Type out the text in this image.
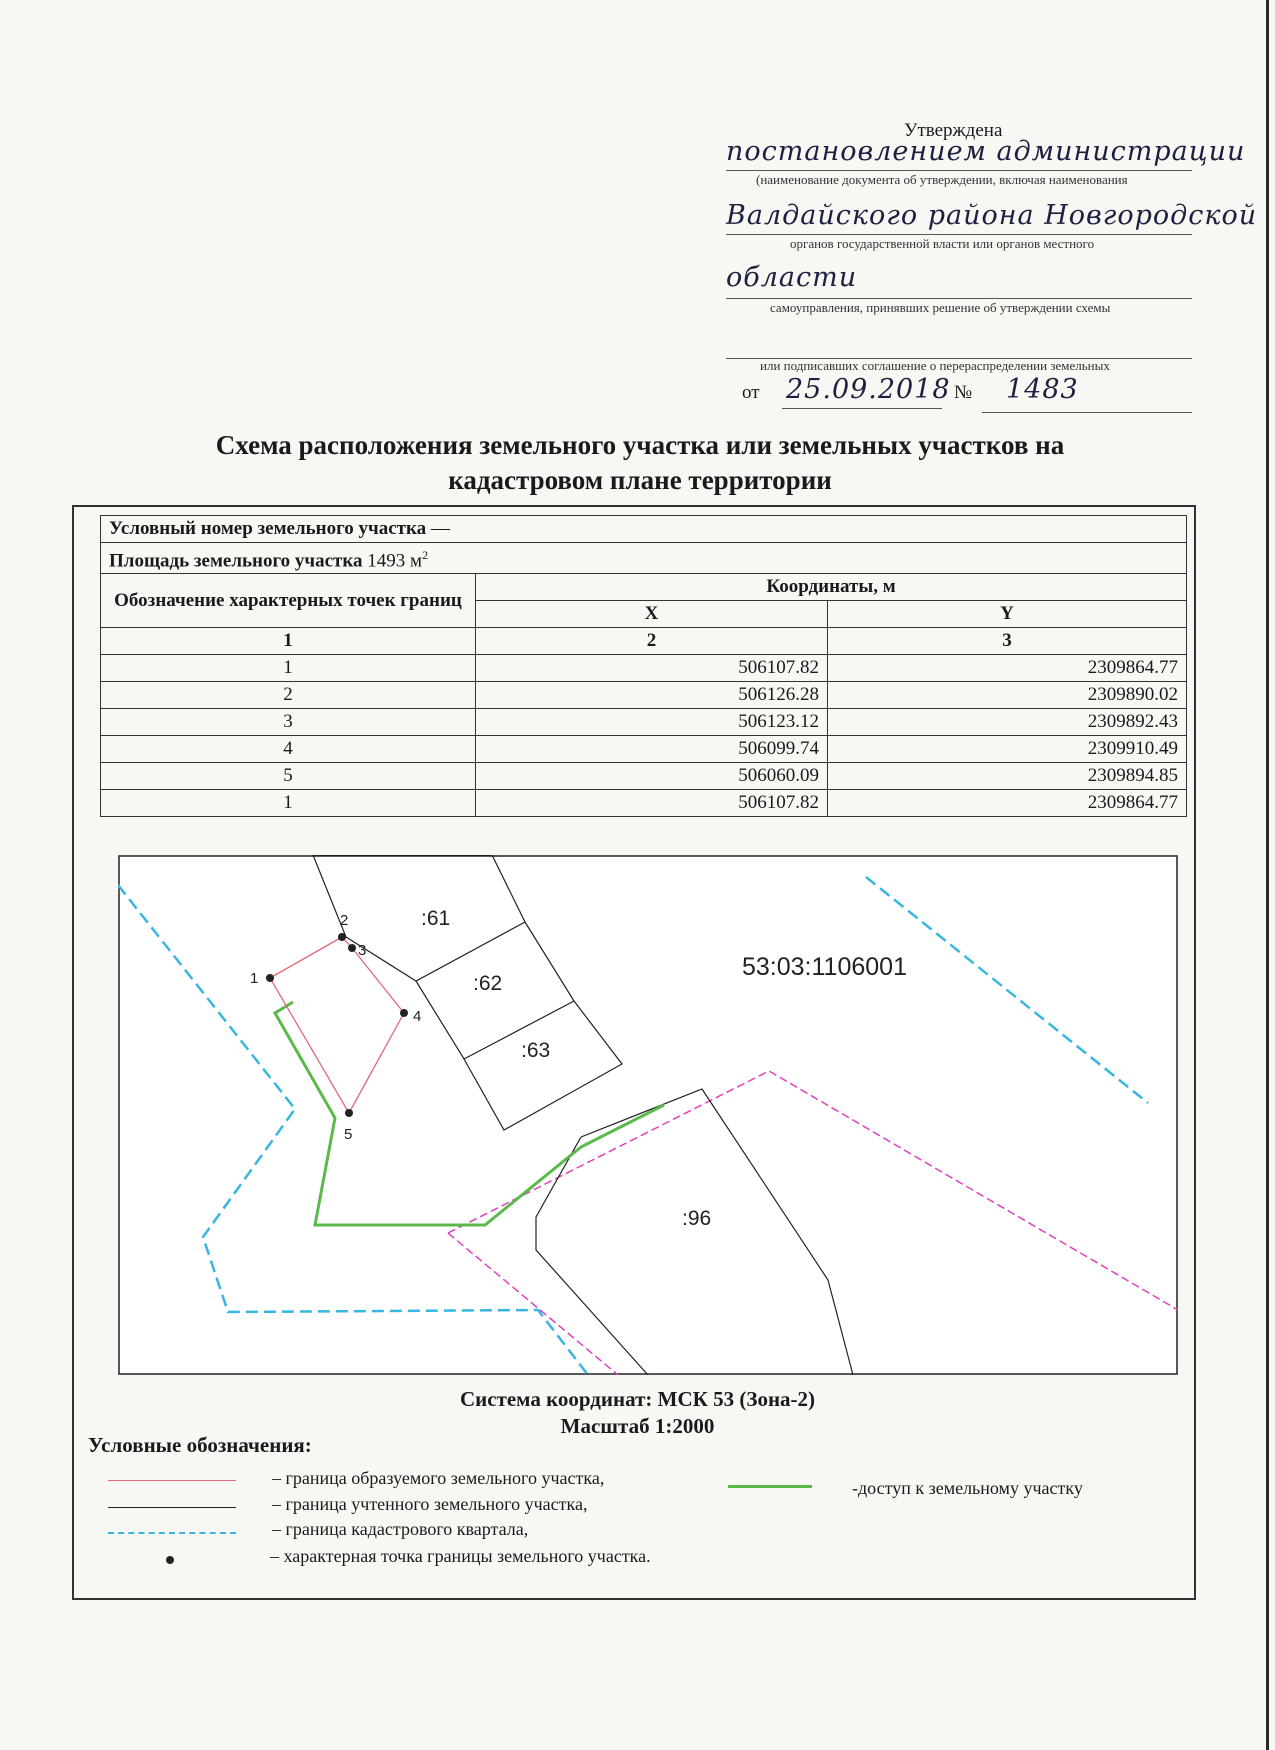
Утверждена
постановлением администрации
(наименование документа об утверждении, включая наименования
Валдайского района Новгородской
органов государственной власти или органов местного
области
самоуправления, принявших решение об утверждении схемы
или подписавших соглашение о перераспределении земельных
от 25.09.2018 № 1483
Схема расположения земельного участка или земельных участков на
кадастровом плане территории
Условный номер земельного участка —		
Площадь земельного участка 1493 $м^2$
Обозначение характерных точек границ	Координаты, м	
	X	Y
1	2	3
1	506107.82	2309864.77
2	506126.28	2309890.02
3	506123.12	2309892.43
4	506099.74	2309910.49
5	506060.09	2309894.85
1	506107.82	2309864.77
1
2
3
4
5
:61
:62
:63
:96
53:03:1106001
Система координат: МСК 53 (Зона-2)
Масштаб 1:2000
Условные обозначения:
– граница образуемого земельного участка,
– граница учтенного земельного участка,
– граница кадастрового квартала,
– характерная точка границы земельного участка.
-доступ к земельному участку
